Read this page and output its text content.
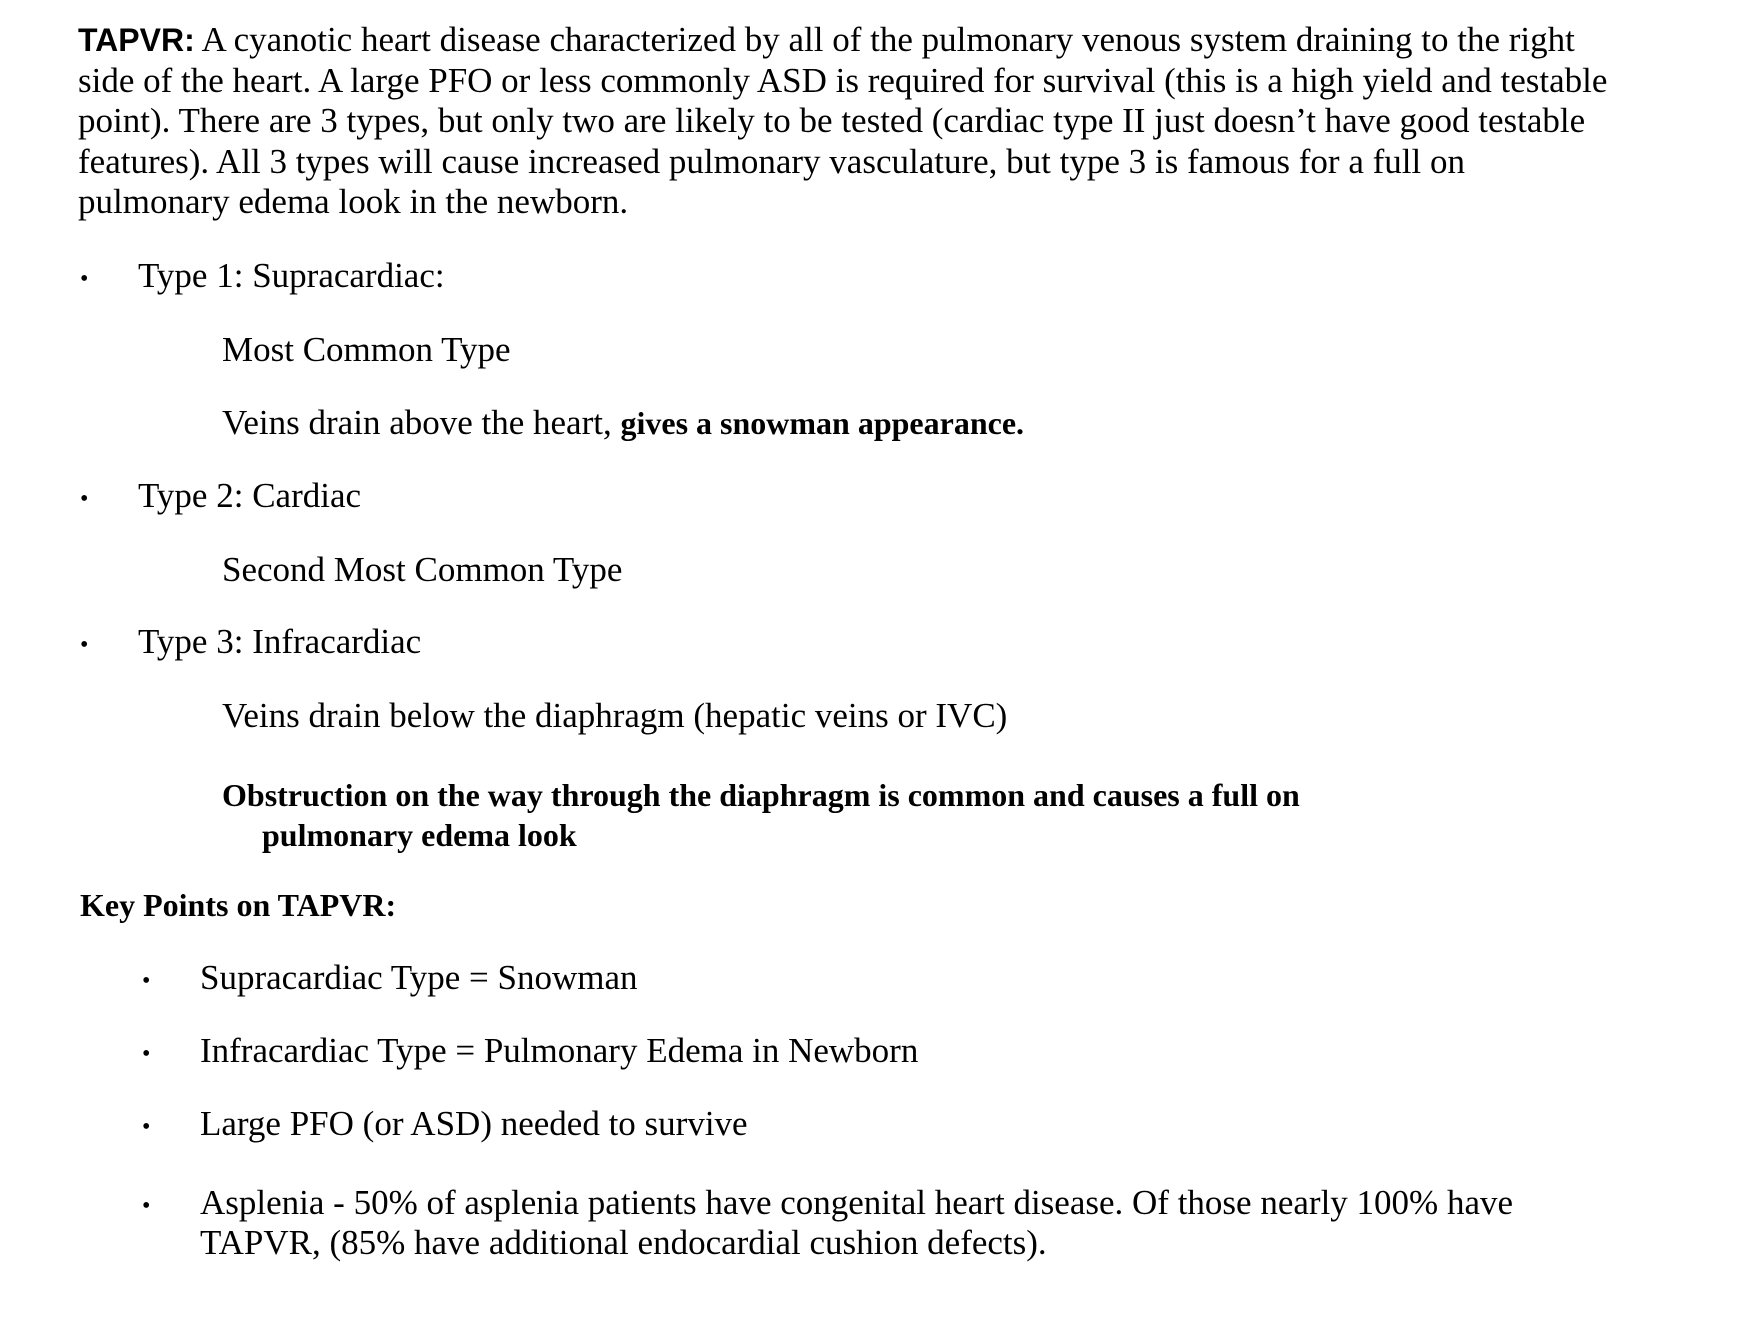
TAPVR: A cyanotic heart disease characterized by all of the pulmonary venous system draining to the right side of the heart. A large PFO or less commonly ASD is required for survival (this is a high yield and testable point). There are 3 types, but only two are likely to be tested (cardiac type II just doesn’t have good testable features). All 3 types will cause increased pulmonary vasculature, but type 3 is famous for a full on pulmonary edema look in the newborn.

• Type 1: Supracardiac:

Most Common Type

Veins drain above the heart, gives a snowman appearance.

• Type 2: Cardiac

Second Most Common Type

• Type 3: Infracardiac

Veins drain below the diaphragm (hepatic veins or IVC)

Obstruction on the way through the diaphragm is common and causes a full on
pulmonary edema look

Key Points on TAPVR:

• Supracardiac Type = Snowman

• Infracardiac Type = Pulmonary Edema in Newborn

• Large PFO (or ASD) needed to survive

• Asplenia - 50% of asplenia patients have congenital heart disease. Of those nearly 100% have TAPVR, (85% have additional endocardial cushion defects).
